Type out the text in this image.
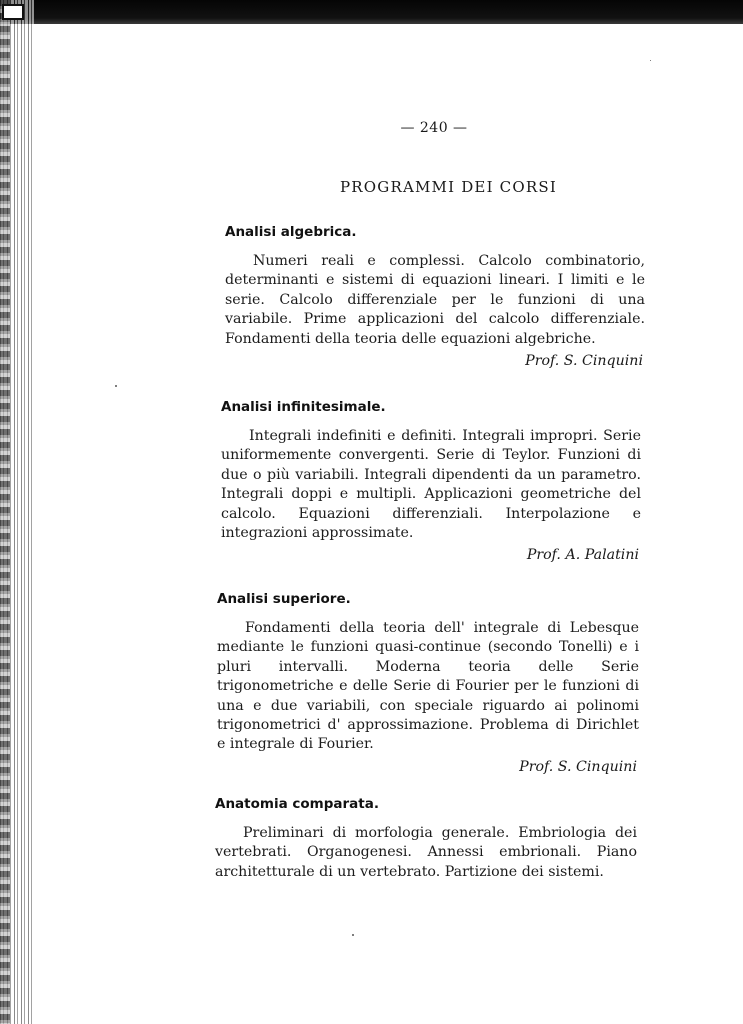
— 240 —
PROGRAMMI DEI CORSI
Analisi algebrica.

Numeri reali e complessi. Calcolo combinatorio, determinanti e sistemi di equazioni lineari. I limiti e le serie. Calcolo differenziale per le funzioni di una variabile. Prime applicazioni del calcolo differenziale. Fondamenti della teoria delle equazioni algebriche.

Prof. S. Cinquini

Analisi infinitesimale.

Integrali indefiniti e definiti. Integrali impropri. Serie uniformemente convergenti. Serie di Teylor. Funzioni di due o più variabili. Integrali dipendenti da un parametro. Integrali doppi e multipli. Applicazioni geometriche del calcolo. Equazioni differenziali. Interpolazione e integrazioni approssimate.

Prof. A. Palatini

Analisi superiore.

Fondamenti della teoria dell' integrale di Lebesque mediante le funzioni quasi-continue (secondo Tonelli) e i pluri intervalli. Moderna teoria delle Serie trigonometriche e delle Serie di Fourier per le funzioni di una e due variabili, con speciale riguardo ai polinomi trigonometrici d' approssimazione. Problema di Dirichlet e integrale di Fourier.

Prof. S. Cinquini

Anatomia comparata.

Preliminari di morfologia generale. Embriologia dei vertebrati. Organogenesi. Annessi embrionali. Piano architetturale di un vertebrato. Partizione dei sistemi.
